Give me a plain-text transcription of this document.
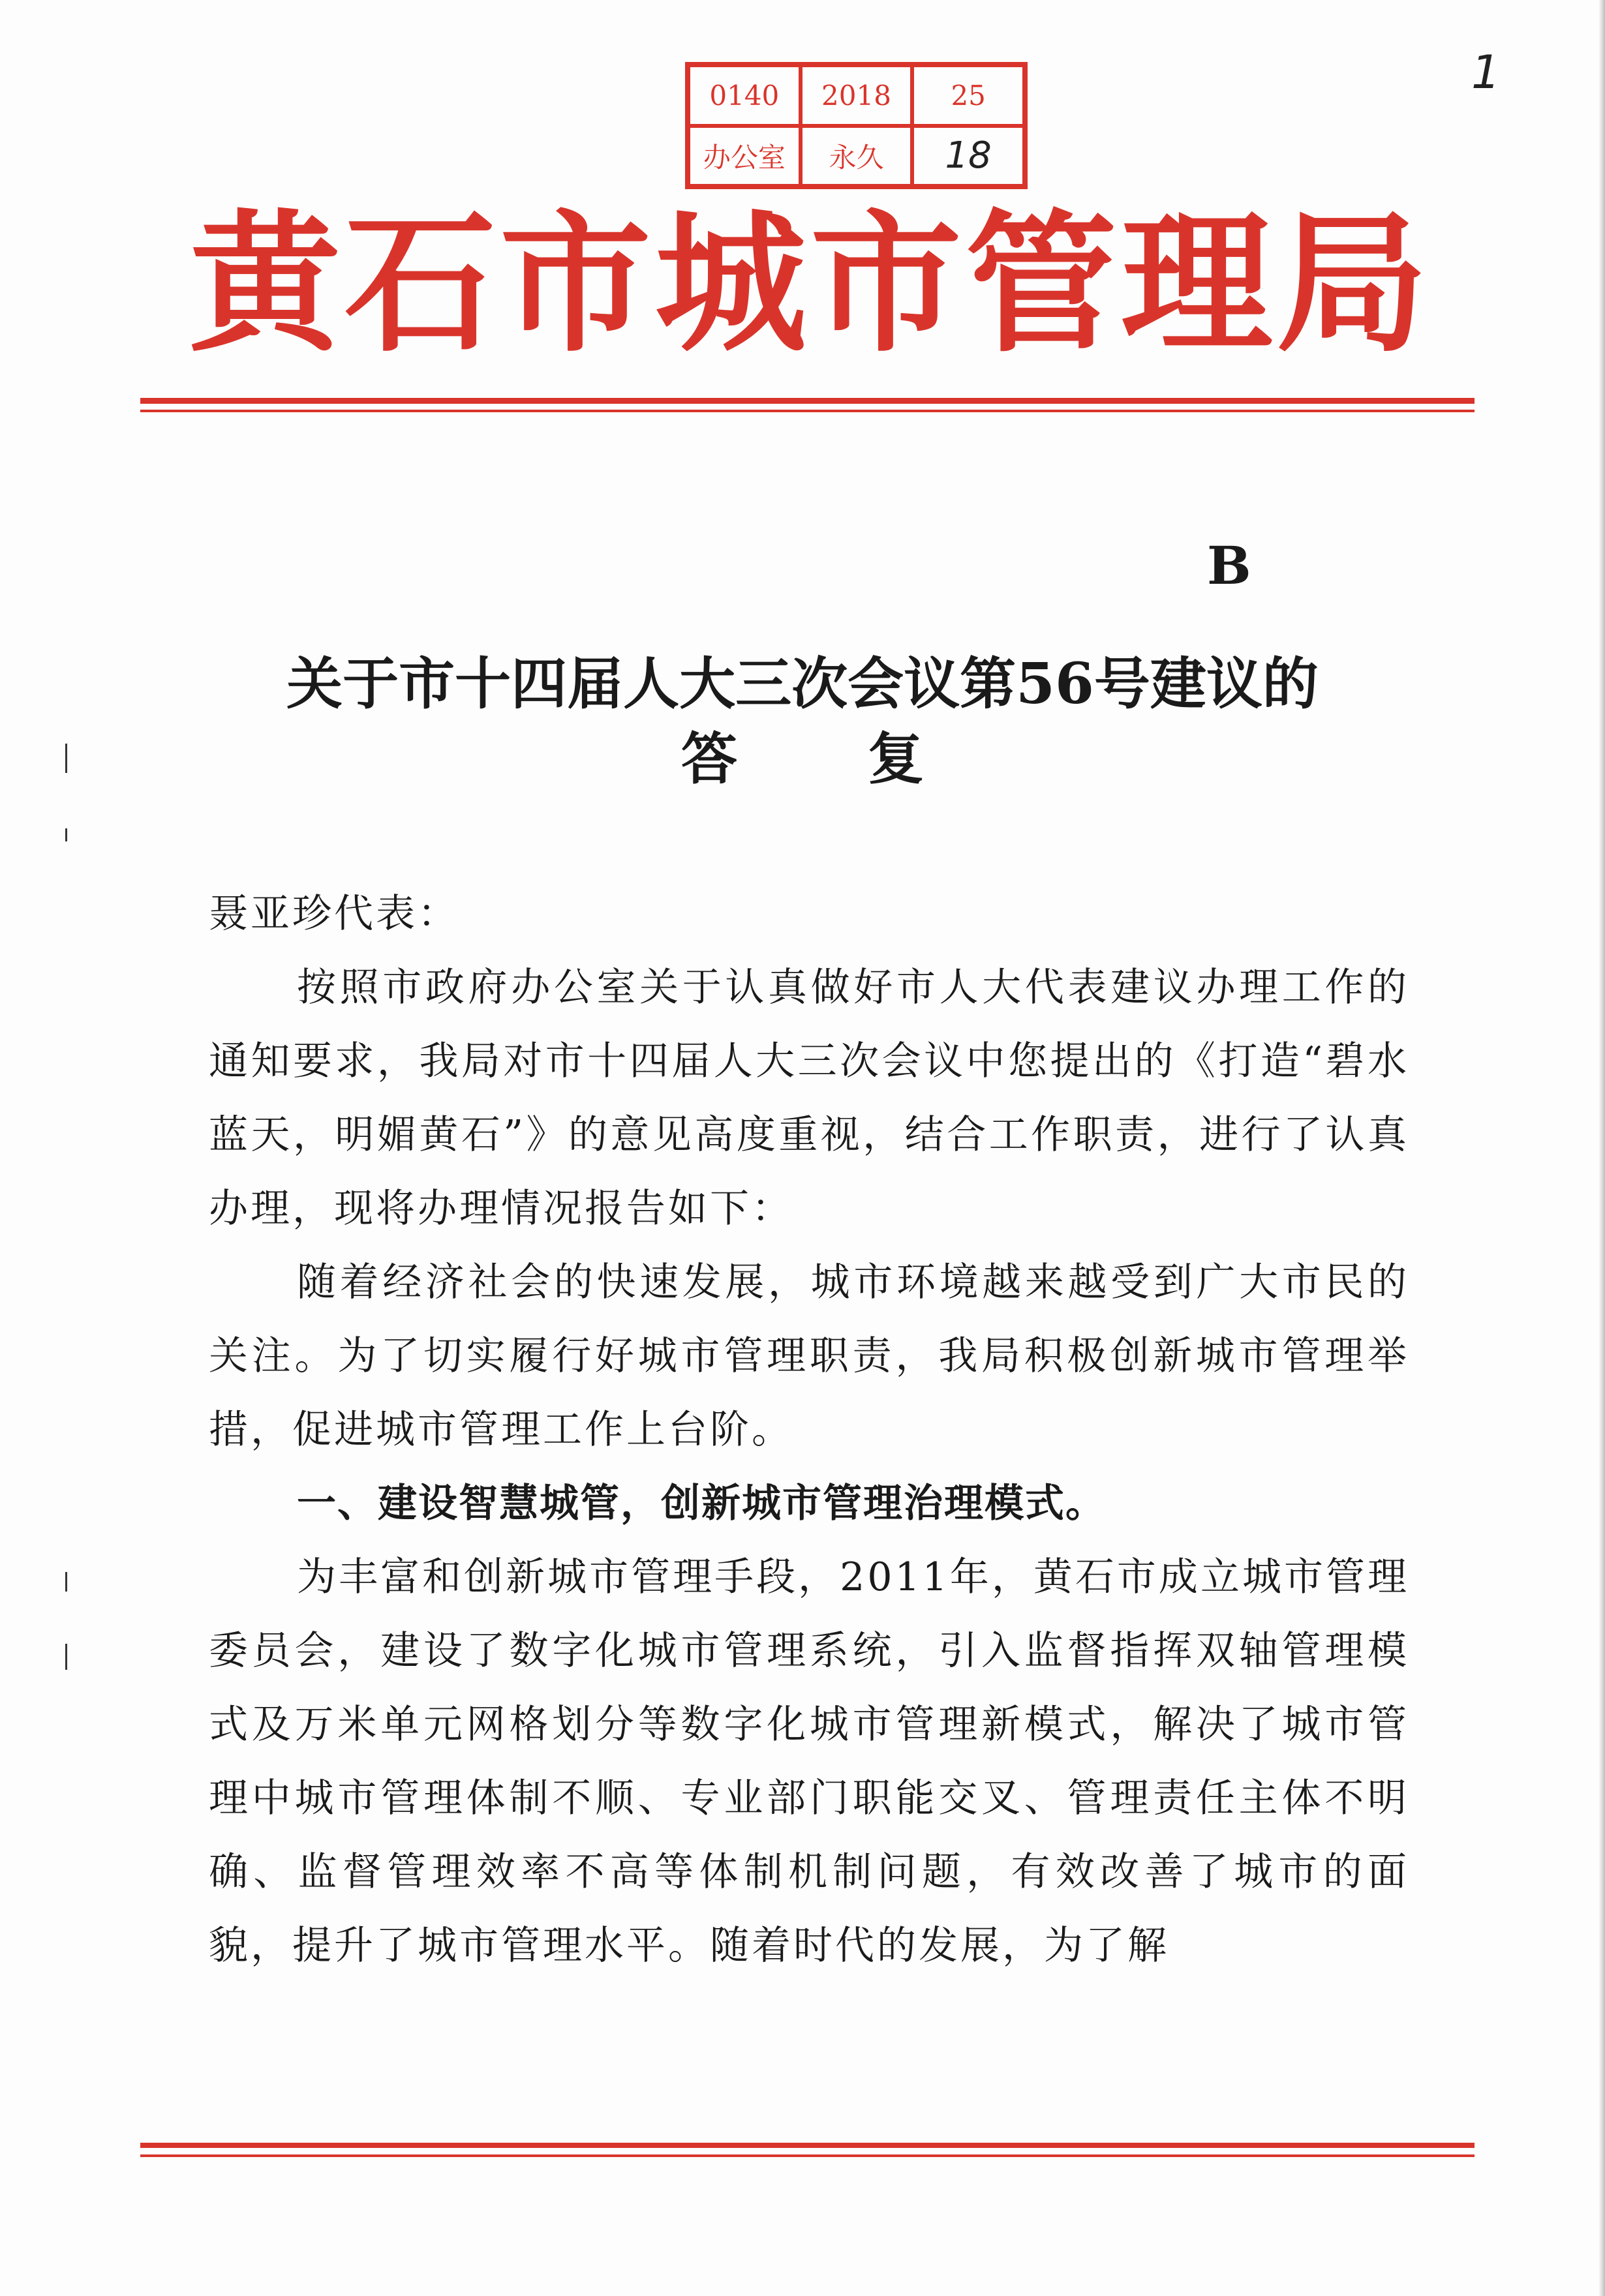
1
0140	2018	25
办公室	永久	18
黄石市城市管理局
B
关于市十四届人大三次会议第56号建议的
答复

聂亚珍代表：

按照市政府办公室关于认真做好市人大代表建议办理工作的通知要求，我局对市十四届人大三次会议中您提出的《打造“碧水蓝天，明媚黄石”》的意见高度重视，结合工作职责，进行了认真办理，现将办理情况报告如下：

随着经济社会的快速发展，城市环境越来越受到广大市民的关注。为了切实履行好城市管理职责，我局积极创新城市管理举措，促进城市管理工作上台阶。

一、建设智慧城管，创新城市管理治理模式。

为丰富和创新城市管理手段，2011年，黄石市成立城市管理委员会，建设了数字化城市管理系统，引入监督指挥双轴管理模式及万米单元网格划分等数字化城市管理新模式，解决了城市管理中城市管理体制不顺、专业部门职能交叉、管理责任主体不明确、监督管理效率不高等体制机制问题，有效改善了城市的面貌，提升了城市管理水平。随着时代的发展，为了解
